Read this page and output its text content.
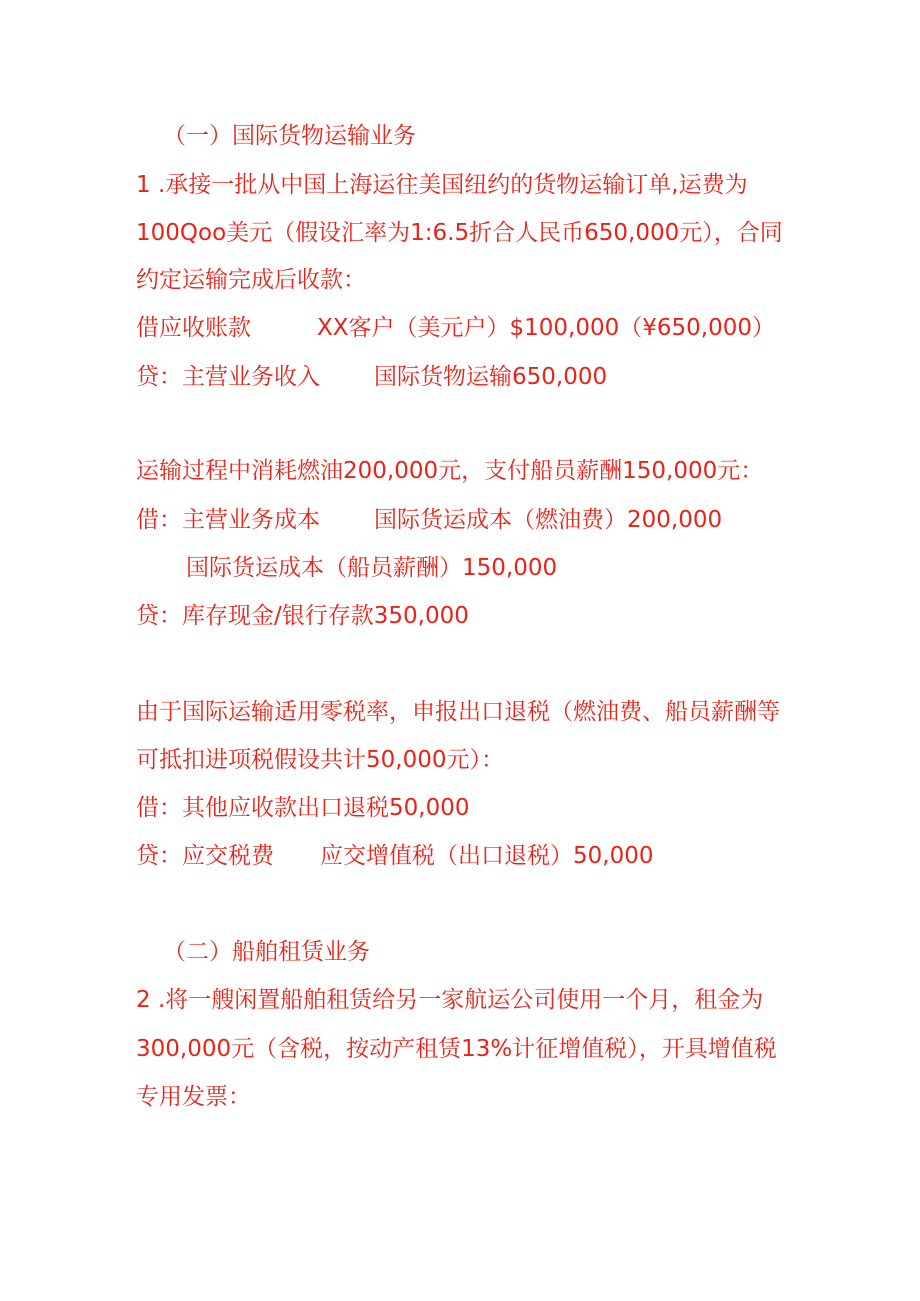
（一）国际货物运输业务
1 .承接一批从中国上海运往美国纽约的货物运输订单,运费为
100Qoo美元（假设汇率为1:6.5折合人民币650,000元），合同
约定运输完成后收款：
借应收账款	XX客户（美元户）$100,000（¥650,000）
贷：主营业务收入 国际货物运输650,000
运输过程中消耗燃油200,000元，支付船员薪酬150,000元：
借：主营业务成本 国际货运成本（燃油费）200,000
国际货运成本（船员薪酬）150,000
贷：库存现金/银行存款350,000
由于国际运输适用零税率，申报出口退税（燃油费、船员薪酬等
可抵扣进项税假设共计50,000元）：
借：其他应收款出口退税50,000
贷：应交税费 应交增值税（出口退税）50,000
（二）船舶租赁业务
2 .将一艘闲置船舶租赁给另一家航运公司使用一个月，租金为
300,000元（含税，按动产租赁13%计征增值税），开具增值税
专用发票：
